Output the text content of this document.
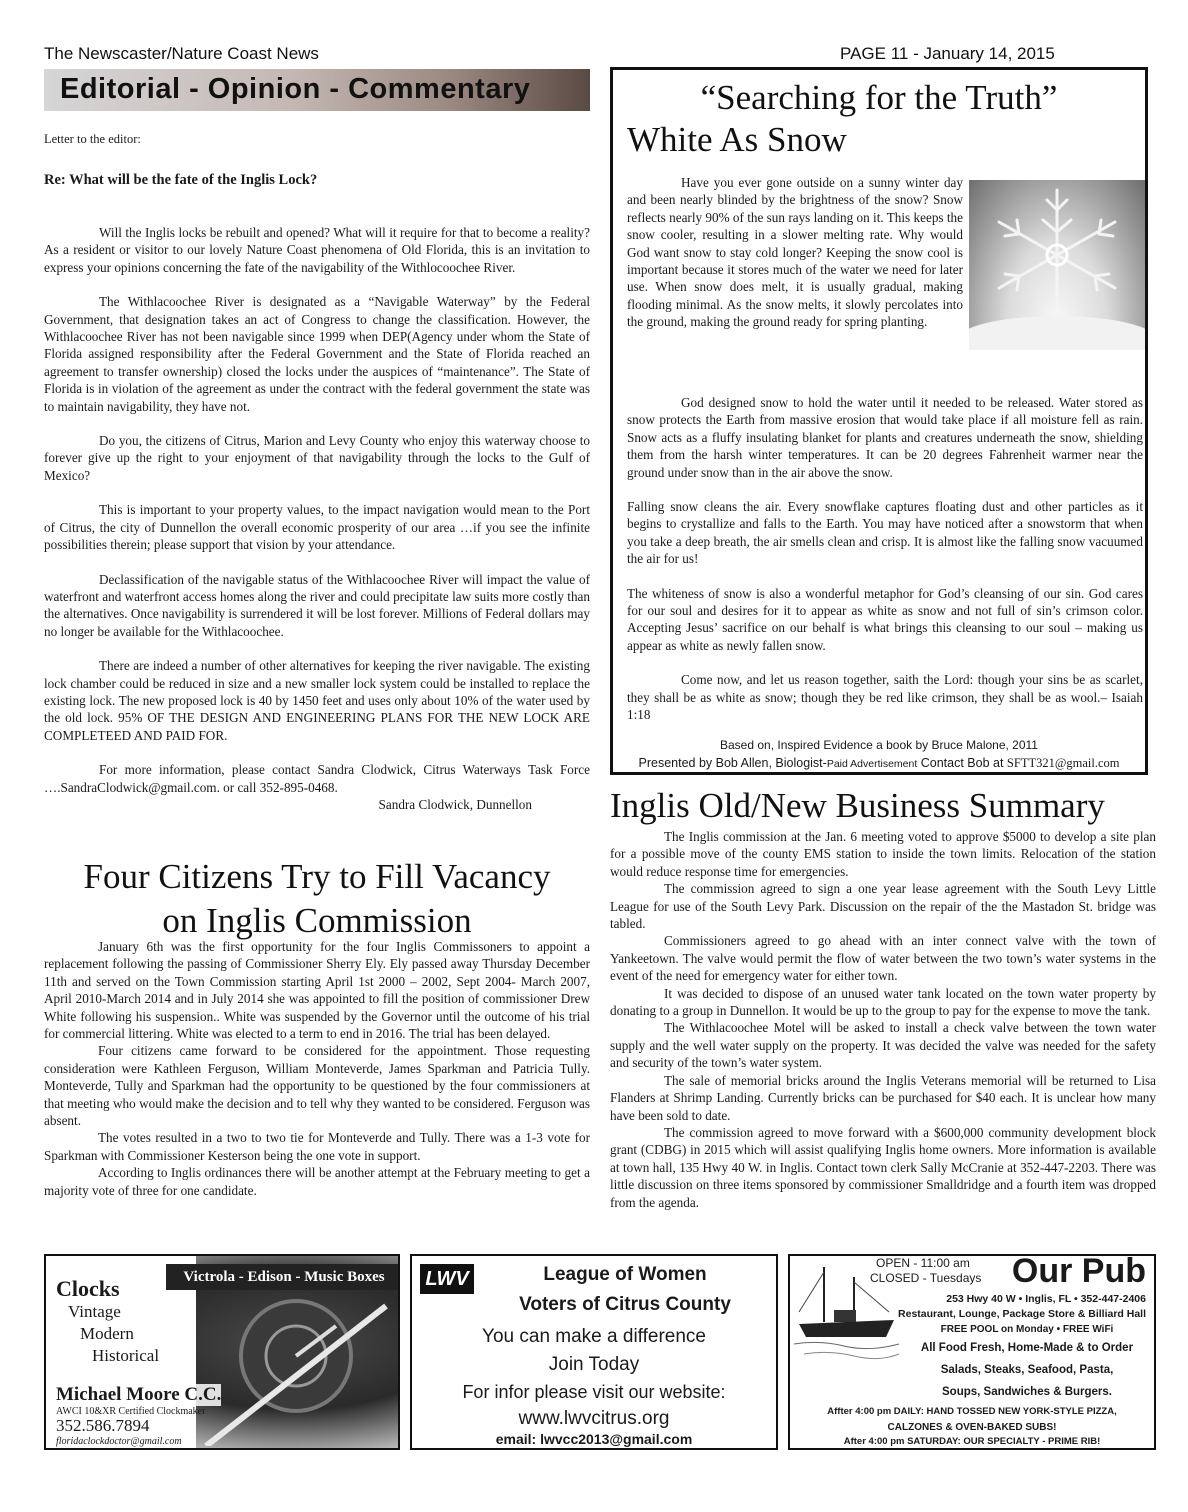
The Newscaster/Nature Coast News	PAGE 11 - January 14, 2015
Editorial - Opinion - Commentary
Letter to the editor:
Re: What will be the fate of the Inglis Lock?

Will the Inglis locks be rebuilt and opened? What will it require for that to become a reality? As a resident or visitor to our lovely Nature Coast phenomena of Old Florida, this is an invitation to express your opinions concerning the fate of the navigability of the Withlocoochee River.

The Withlacoochee River is designated as a “Navigable Waterway” by the Federal Government, that designation takes an act of Congress to change the classification. However, the Withlacoochee River has not been navigable since 1999 when DEP(Agency under whom the State of Florida assigned responsibility after the Federal Government and the State of Florida reached an agreement to transfer ownership) closed the locks under the auspices of “maintenance”. The State of Florida is in violation of the agreement as under the contract with the federal government the state was to maintain navigability, they have not.

Do you, the citizens of Citrus, Marion and Levy County who enjoy this waterway choose to forever give up the right to your enjoyment of that navigability through the locks to the Gulf of Mexico?

This is important to your property values, to the impact navigation would mean to the Port of Citrus, the city of Dunnellon the overall economic prosperity of our area …if you see the infinite possibilities therein; please support that vision by your attendance.

Declassification of the navigable status of the Withlacoochee River will impact the value of waterfront and waterfront access homes along the river and could precipitate law suits more costly than the alternatives. Once navigability is surrendered it will be lost forever. Millions of Federal dollars may no longer be available for the Withlacoochee.

There are indeed a number of other alternatives for keeping the river navigable. The existing lock chamber could be reduced in size and a new smaller lock system could be installed to replace the existing lock. The new proposed lock is 40 by 1450 feet and uses only about 10% of the water used by the old lock. 95% OF THE DESIGN AND ENGINEERING PLANS FOR THE NEW LOCK ARE COMPLETEED AND PAID FOR.

For more information, please contact Sandra Clodwick, Citrus Waterways Task Force ….SandraClodwick@gmail.com. or call 352-895-0468.

Sandra Clodwick, Dunnellon
Four Citizens Try to Fill Vacancy
on Inglis Commission

January 6th was the first opportunity for the four Inglis Commissoners to appoint a replacement following the passing of Commissioner Sherry Ely. Ely passed away Thursday December 11th and served on the Town Commission starting April 1st 2000 – 2002, Sept 2004- March 2007, April 2010-March 2014 and in July 2014 she was appointed to fill the position of commissioner Drew White following his suspension.. White was suspended by the Governor until the outcome of his trial for commercial littering. White was elected to a term to end in 2016. The trial has been delayed.

Four citizens came forward to be considered for the appointment. Those requesting consideration were Kathleen Ferguson, William Monteverde, James Sparkman and Patricia Tully. Monteverde, Tully and Sparkman had the opportunity to be questioned by the four commissioners at that meeting who would make the decision and to tell why they wanted to be considered. Ferguson was absent.

The votes resulted in a two to two tie for Monteverde and Tully. There was a 1-3 vote for Sparkman with Commissioner Kesterson being the one vote in support.

According to Inglis ordinances there will be another attempt at the February meeting to get a majority vote of three for one candidate.

“Searching for the Truth”
White As Snow

Have you ever gone outside on a sunny winter day and been nearly blinded by the brightness of the snow? Snow reflects nearly 90% of the sun rays landing on it. This keeps the snow cooler, resulting in a slower melting rate. Why would God want snow to stay cold longer? Keeping the snow cool is important because it stores much of the water we need for later use. When snow does melt, it is usually gradual, making flooding minimal. As the snow melts, it slowly percolates into the ground, making the ground ready for spring planting.

God designed snow to hold the water until it needed to be released. Water stored as snow protects the Earth from massive erosion that would take place if all moisture fell as rain. Snow acts as a fluffy insulating blanket for plants and creatures underneath the snow, shielding them from the harsh winter temperatures. It can be 20 degrees Fahrenheit warmer near the ground under snow than in the air above the snow.

Falling snow cleans the air. Every snowflake captures floating dust and other particles as it begins to crystallize and falls to the Earth. You may have noticed after a snowstorm that when you take a deep breath, the air smells clean and crisp. It is almost like the falling snow vacuumed the air for us!

The whiteness of snow is also a wonderful metaphor for God’s cleansing of our sin. God cares for our soul and desires for it to appear as white as snow and not full of sin’s crimson color. Accepting Jesus’ sacrifice on our behalf is what brings this cleansing to our soul – making us appear as white as newly fallen snow.

Come now, and let us reason together, saith the Lord: though your sins be as scarlet, they shall be as white as snow; though they be red like crimson, they shall be as wool.– Isaiah 1:18

Based on, Inspired Evidence a book by Bruce Malone, 2011
Presented by Bob Allen, Biologist-Paid Advertisement Contact Bob at SFTT321@gmail.com
Inglis Old/New Business Summary

The Inglis commission at the Jan. 6 meeting voted to approve $5000 to develop a site plan for a possible move of the county EMS station to inside the town limits. Relocation of the station would reduce response time for emergencies.

The commission agreed to sign a one year lease agreement with the South Levy Little League for use of the South Levy Park. Discussion on the repair of the the Mastadon St. bridge was tabled.

Commissioners agreed to go ahead with an inter connect valve with the town of Yankeetown. The valve would permit the flow of water between the two town’s water systems in the event of the need for emergency water for either town.

It was decided to dispose of an unused water tank located on the town water property by donating to a group in Dunnellon. It would be up to the group to pay for the expense to move the tank.

The Withlacoochee Motel will be asked to install a check valve between the town water supply and the well water supply on the property. It was decided the valve was needed for the safety and security of the town’s water system.

The sale of memorial bricks around the Inglis Veterans memorial will be returned to Lisa Flanders at Shrimp Landing. Currently bricks can be purchased for $40 each. It is unclear how many have been sold to date.

The commission agreed to move forward with a $600,000 community development block grant (CDBG) in 2015 which will assist qualifying Inglis home owners. More information is available at town hall, 135 Hwy 40 W. in Inglis. Contact town clerk Sally McCranie at 352-447-2203. There was little discussion on three items sponsored by commissioner Smalldridge and a fourth item was dropped from the agenda.

Victrola - Edison - Music Boxes
Clocks
Vintage
Modern
Historical
Michael Moore C.C.
AWCI 10&XR Certified Clockmaker
352.586.7894
floridaclockdoctor@gmail.com
LWV	League of Women
Voters of Citrus County
You can make a difference
Join Today
For infor please visit our website:
www.lwvcitrus.org
email: lwvcc2013@gmail.com
OPEN - 11:00 am
CLOSED - Tuesdays Our Pub
253 Hwy 40 W • Inglis, FL • 352-447-2406
Restaurant, Lounge, Package Store & Billiard Hall
FREE POOL on Monday • FREE WiFi
All Food Fresh, Home-Made & to Order
Salads, Steaks, Seafood, Pasta,
Soups, Sandwiches & Burgers.
Affter 4:00 pm DAILY: HAND TOSSED NEW YORK-STYLE PIZZA,
CALZONES & OVEN-BAKED SUBS!
After 4:00 pm SATURDAY: OUR SPECIALTY - PRIME RIB!
